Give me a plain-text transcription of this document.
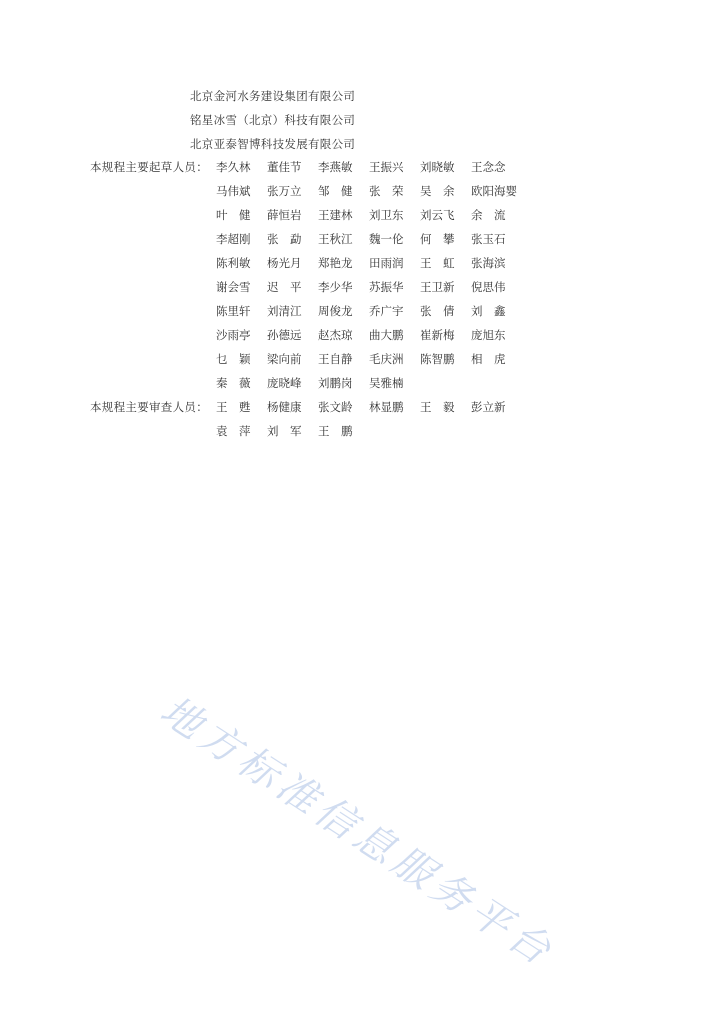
北京金河水务建设集团有限公司
铭星冰雪（北京）科技有限公司
北京亚泰智博科技发展有限公司
本规程主要起草人员： 李久林 董佳节 李燕敏 王振兴 刘晓敏 王念念
马伟斌 张万立 邹　健 张　荣 吴　余 欧阳海婴
叶　健 薛恒岩 王建林 刘卫东 刘云飞 余　流
李超刚 张　勐 王秋江 魏一伦 何　攀 张玉石
陈利敏 杨光月 郑艳龙 田雨润 王　虹 张海滨
谢会雪 迟　平 李少华 苏振华 王卫新 倪思伟
陈里轩 刘清江 周俊龙 乔广宇 张　倩 刘　鑫
沙雨亭 孙德远 赵杰琼 曲大鹏 崔新梅 庞旭东
乜　颖 梁向前 王自静 毛庆洲 陈智鹏 相　虎
秦　薇 庞晓峰 刘鹏岗 吴雅楠
本规程主要审查人员： 王　甦 杨健康 张文龄 林显鹏 王　毅 彭立新
袁　萍 刘　军 王　鹏
地方标准信息服务平台
